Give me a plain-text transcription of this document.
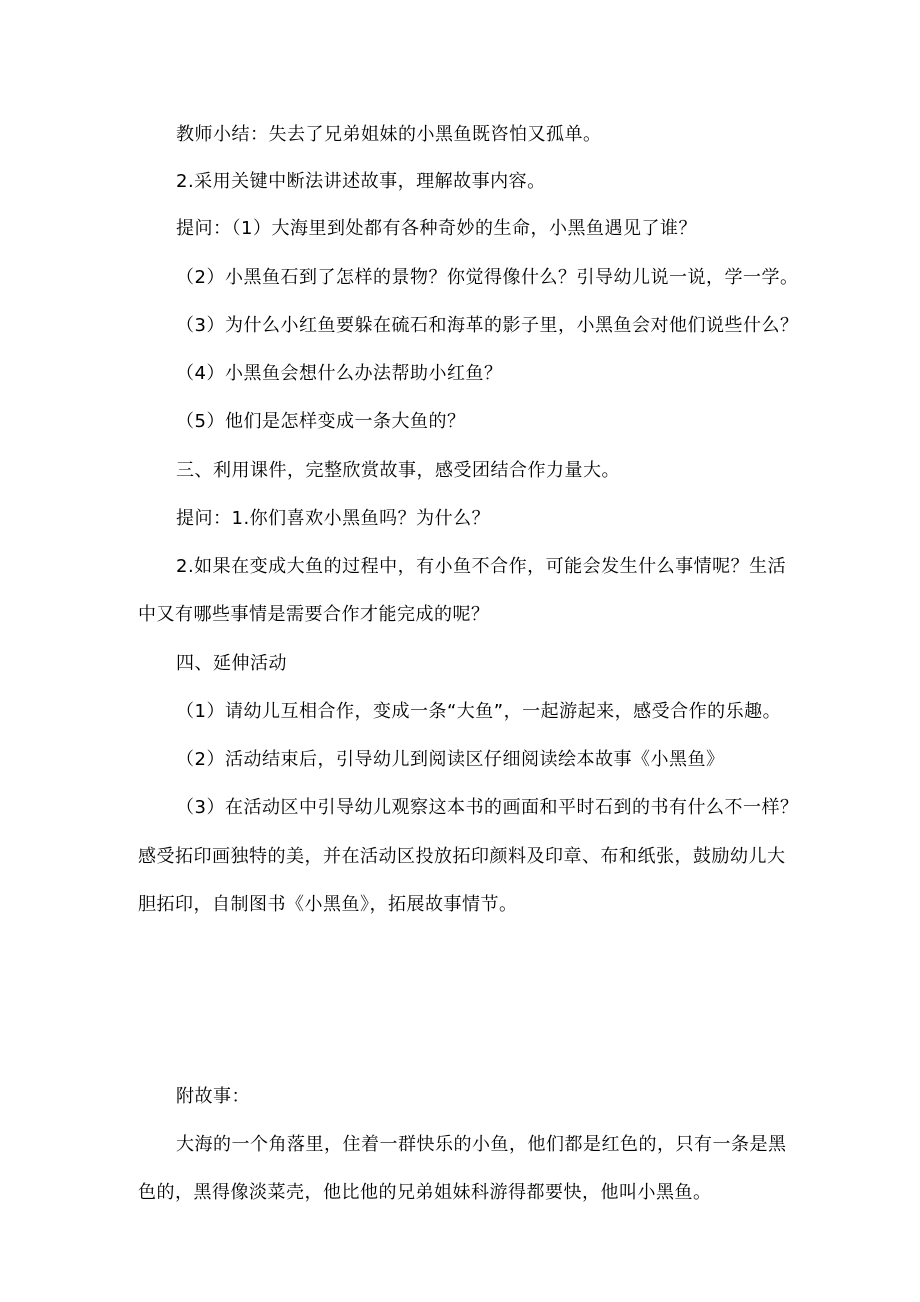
教师小结：失去了兄弟姐妹的小黑鱼既咨怕又孤单。
2.采用关键中断法讲述故事，理解故事内容。
提问：（1）大海里到处都有各种奇妙的生命，小黑鱼遇见了谁？
（2）小黑鱼石到了怎样的景物？你觉得像什么？引导幼儿说一说，学一学。
（3）为什么小红鱼要躲在硫石和海革的影子里，小黑鱼会对他们说些什么？
（4）小黑鱼会想什么办法帮助小红鱼？
（5）他们是怎样变成一条大鱼的？
三、利用课件，完整欣赏故事，感受团结合作力量大。
提问：1.你们喜欢小黑鱼吗？为什么？
2.如果在变成大鱼的过程中，有小鱼不合作，可能会发生什么事情呢？生活
中又有哪些事情是需要合作才能完成的呢？
四、延伸活动
（1）请幼儿互相合作，变成一条“大鱼”，一起游起来，感受合作的乐趣。
（2）活动结束后，引导幼儿到阅读区仔细阅读绘本故事《小黑鱼》
（3）在活动区中引导幼儿观察这本书的画面和平时石到的书有什么不一样？
感受拓印画独特的美，并在活动区投放拓印颜料及印章、布和纸张，鼓励幼儿大
胆拓印，自制图书《小黑鱼》，拓展故事情节。
附故事：
大海的一个角落里，住着一群快乐的小鱼，他们都是红色的，只有一条是黑
色的，黑得像淡菜壳，他比他的兄弟姐妹科游得都要快，他叫小黑鱼。
